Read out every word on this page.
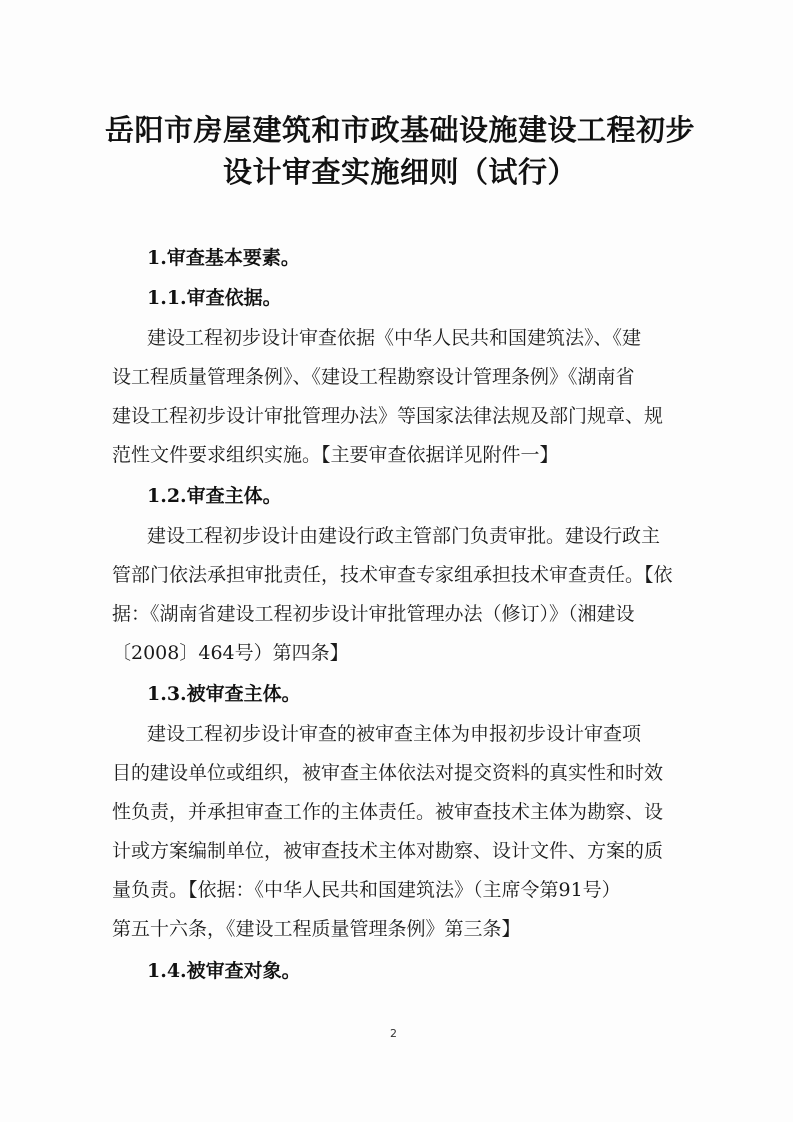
岳阳市房屋建筑和市政基础设施建设工程初步
设计审查实施细则（试行）
1.审查基本要素。
1.1.审查依据。
建设工程初步设计审查依据《中华人民共和国建筑法》、《建
设工程质量管理条例》、《建设工程勘察设计管理条例》《湖南省
建设工程初步设计审批管理办法》等国家法律法规及部门规章、规
范性文件要求组织实施。【主要审查依据详见附件一】
1.2.审查主体。
建设工程初步设计由建设行政主管部门负责审批。建设行政主
管部门依法承担审批责任，技术审查专家组承担技术审查责任。【依
据：《湖南省建设工程初步设计审批管理办法（修订）》（湘建设
〔2008〕464号）第四条】
1.3.被审查主体。
建设工程初步设计审查的被审查主体为申报初步设计审查项
目的建设单位或组织，被审查主体依法对提交资料的真实性和时效
性负责，并承担审查工作的主体责任。被审查技术主体为勘察、设
计或方案编制单位，被审查技术主体对勘察、设计文件、方案的质
量负责。【依据：《中华人民共和国建筑法》（主席令第91号）
第五十六条，《建设工程质量管理条例》第三条】
1.4.被审查对象。
2
